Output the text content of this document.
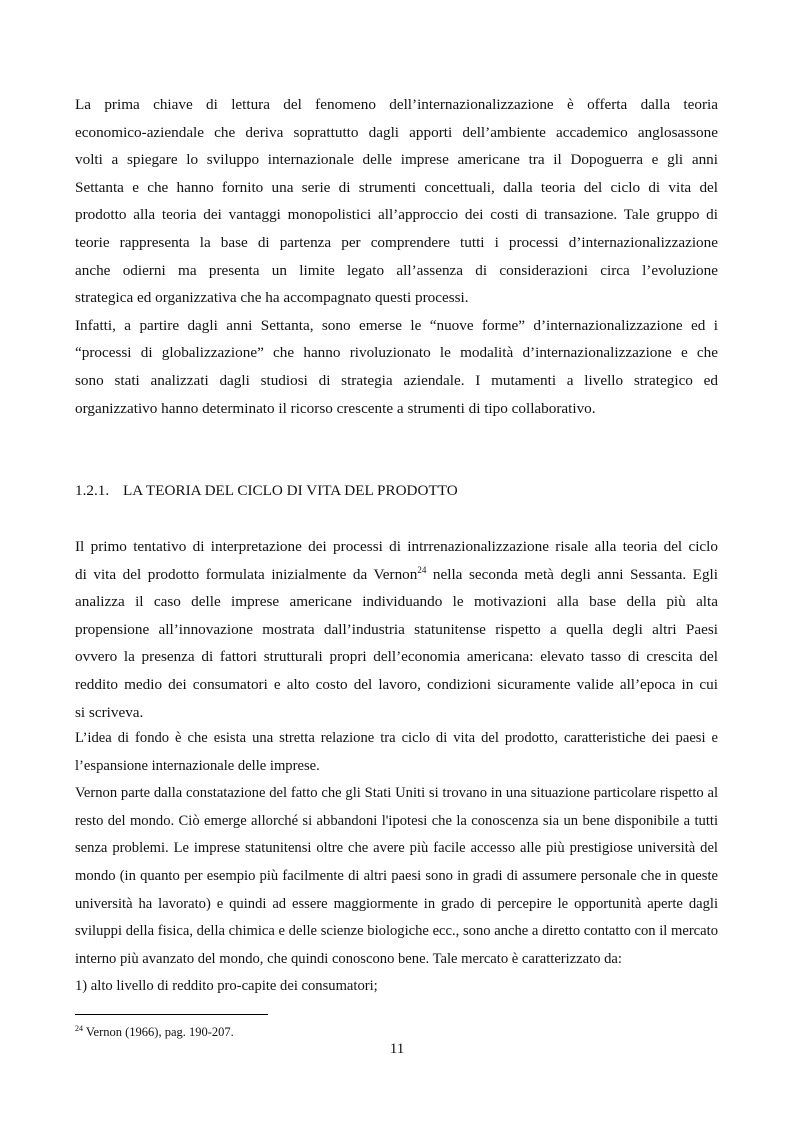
La prima chiave di lettura del fenomeno dell’internazionalizzazione è offerta dalla teoria
economico-aziendale che deriva soprattutto dagli apporti dell’ambiente accademico anglosassone
volti a spiegare lo sviluppo internazionale delle imprese americane tra il Dopoguerra e gli anni
Settanta e che hanno fornito una serie di strumenti concettuali, dalla teoria del ciclo di vita del
prodotto alla teoria dei vantaggi monopolistici all’approccio dei costi di transazione. Tale gruppo di
teorie rappresenta la base di partenza per comprendere tutti i processi d’internazionalizzazione
anche odierni ma presenta un limite legato all’assenza di considerazioni circa l’evoluzione
strategica ed organizzativa che ha accompagnato questi processi.

Infatti, a partire dagli anni Settanta, sono emerse le “nuove forme” d’internazionalizzazione ed i
“processi di globalizzazione” che hanno rivoluzionato le modalità d’internazionalizzazione e che
sono stati analizzati dagli studiosi di strategia aziendale. I mutamenti a livello strategico ed
organizzativo hanno determinato il ricorso crescente a strumenti di tipo collaborativo.

1.2.1. LA TEORIA DEL CICLO DI VITA DEL PRODOTTO

Il primo tentativo di interpretazione dei processi di intrrenazionalizzazione risale alla teoria del ciclo
di vita del prodotto formulata inizialmente da Vernon$^{24}$ nella seconda metà degli anni Sessanta. Egli
analizza il caso delle imprese americane individuando le motivazioni alla base della più alta
propensione all’innovazione mostrata dall’industria statunitense rispetto a quella degli altri Paesi
ovvero la presenza di fattori strutturali propri dell’economia americana: elevato tasso di crescita del
reddito medio dei consumatori e alto costo del lavoro, condizioni sicuramente valide all’epoca in cui
si scriveva.

L’idea di fondo è che esista una stretta relazione tra ciclo di vita del prodotto, caratteristiche dei paesi e
l’espansione internazionale delle imprese.

Vernon parte dalla constatazione del fatto che gli Stati Uniti si trovano in una situazione particolare rispetto al
resto del mondo. Ciò emerge allorché si abbandoni l'ipotesi che la conoscenza sia un bene disponibile a tutti
senza problemi. Le imprese statunitensi oltre che avere più facile accesso alle più prestigiose università del
mondo (in quanto per esempio più facilmente di altri paesi sono in gradi di assumere personale che in queste
università ha lavorato) e quindi ad essere maggiormente in grado di percepire le opportunità aperte dagli
sviluppi della fisica, della chimica e delle scienze biologiche ecc., sono anche a diretto contatto con il mercato
interno più avanzato del mondo, che quindi conoscono bene. Tale mercato è caratterizzato da:
1) alto livello di reddito pro-capite dei consumatori;

$^{24}$ Vernon (1966), pag. 190-207.
11
